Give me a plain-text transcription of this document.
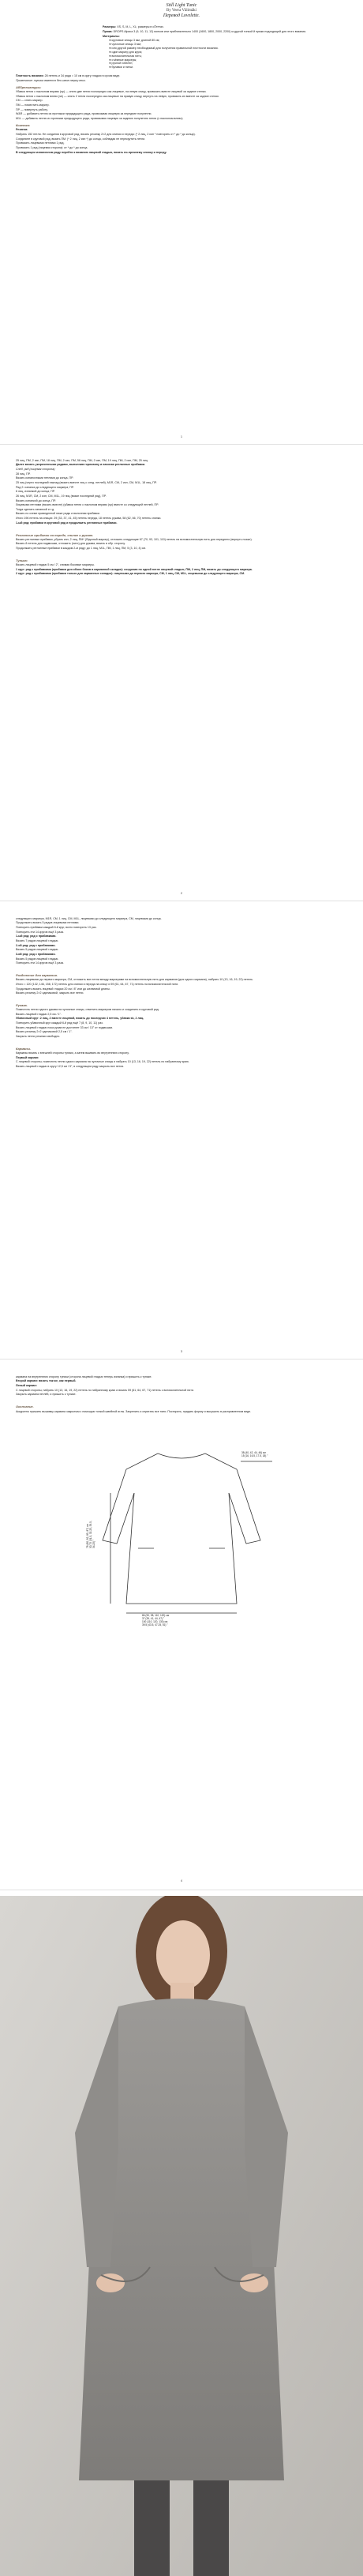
Still Light Tunic
By Veera Välimäki
Перевод Lovelette.
Размеры: XS, S, M, L, XL; размеры в сŌтетах.
Пряжа: DROPS Alpaca 3 (9, 10, 11, 12) мотков или приблизительно 1400 (1600, 1800, 2000, 2200) м другой тонкой й пряжи подходящей для этого вязания.
Материалы:
❖ круговые спицы 3 мм, длиной 80 см;
❖ чулочные спицы 3 мм;
❖ или другой размер необходимый для получения правильной плотности вязания.
❖ один маркер для круга;
❖ вспомогательная нить;
❖ съёмные маркеры;
❖ ручной гобелен;
❖ булавки и нитки.
Плотность вязания: 28 петель и 34 ряда = 10 см в кругу гладью в сухом виде.
Примечание: туника вяжется без швов сверху вниз.
Аббревиатуры:
Убавка петли с наклоном вправо (sp) — снять две петли поочередно как лицевые, на левую спицу, провязать вместе лицевой за задние стенки.
Убавка петли с наклоном влево (sk) — снять 2 петли поочередно как лицевые на правую спицу, вернуть на левую, провязать их вместе за задние стенки.
CM — снять маркер.
ПМ — поместить маркер.
ПР — повернуть работу.
W&R — добавить петлю из протяжки предыдущего ряда, провязывая лицевую за передние полупетли.
M1L — добавить петлю из протяжки предыдущего ряда, провязывая лицевую за заднюю полупетлю петли (с наклоном влево).
Кокетка:
Резинка:
Набрать 152 петли. Не соединяя в круговой ряд, вязать резинку 2×2 для спинки и переда: (* 2 лиц, 2 изн * повторить от * до * до конца).
Соедините в круговой ряд, вязать ПМ: (* 2 лиц, 2 изн *) до конца, соблюдая не перекрутить петли.
Провязать лицевыми петлями 1 ряд.
Провязать 1 ряд (лицевая сторона): от * до * до конца.
В следующем изнаночном ряду перейти к вязанию лицевой гладью, вязать по-прежнему спинку и переду.
1
25 лиц, ПМ, 2 изн, ПМ, 18 лиц, ПМ, 2 изн, ПМ, 58 лиц, ПМ, 2 изн, ПМ, 19 лиц, ПМ, 2 изн, ПМ, 25 лиц.
Далее вязать укороченными рядами, выполнив горловину и начиная регланные прибавки.
След. ряд (лицевая сторона):
28 лиц, ПР.
Вязать изнаночными петлями до конца, ПР.
25 лиц (через последний наклад (вязать вместе лиц с след. петлей), М1R, СМ, 2 изн, СМ, М1L, 18 лиц, ПР.
Ряд 2: изнанка до следующего маркера, ПР.
6 лиц, изнанкой до конца, ПР.
26 лиц, М1R, СМ, 2 изн, СМ, М1L, 19 лиц (вязан последний ряд), ПР.
Вязать изнанкой до конца, ПР.
Лицевыми петлями (вязать вместе) (убавки петли с наклоном вправо (sp) вместе со следующей петлей, ПР.
Тогда сделать изнанкой и т.д.
Вязать по схеме приведенной ниже ряды и выполняя прибавки.
Итого 196 петель на спицах: 29 (33, 37, 41, 45) петель переда, 18 петель рукава, 58 (62, 66, 70) петель спинки.
1-ый ряд: прибавки в круговой ряд и продолжить регланные прибавки.
Регланные прибавки на переде, спинке и рукаве.
Вязать регланные прибавки, убрать изн, 2 лиц, ПМ* (Ярусный маркер), отложить следующие 67 (70, 93, 101, 110) петель на вспомогательную нить для переднего (вернуть позже).
Вязать 8 петель для подмышки, отложить (нить) для рукава, вязать в обр. сторону.
Продолжать регланные прибавки в каждом 2-м ряду: до 1 лиц, М1L, ПМ, 1 лиц, ПМ, 5 (3, 10, 4) см.
Туника:
Вязать лицевой гладью 5 см / 2", снимая боковые маркеры.
1 круг: ряд с прибавками (прибавки для обоих боков в карманной складке): соединив по одной петле лицевой гладью, ПМ, 2 лиц, ПМ, вязать до следующего маркера.
2 круг: ряд с прибавками (прибавки только для карманных складок): лицевыми до первого маркера, СМ, 1 лиц, СМ, М1L, лицевыми до следующего маркера, СМ.
2
следующего маркера, М1R, СМ, 1 лиц, СМ, М1L, лицевыми до следующего маркера, СМ, лицевыми до конца.
Продолжить вязать 5 рядов лицевыми петлями.
Повторить прибавки каждый 6-й круг, всего повторить 13 раз.
Повторить эти 14 кругов ещё 3 раза.
1-ый ряд: ряд с прибавками.
Вязать 7 рядов лицевой гладью.
2-ой ряд: ряд с прибавками.
Вязать 5 рядов лицевой гладью.
3-ий ряд: ряд с прибавками.
Вязать 5 рядов лицевой гладью.
Повторить эти 14 кругов ещё 3 раза.
Разделение для карманов.
Вязать лицевыми до первого маркера, СМ, отложить все петли между маркерами на вспомогательную нить для карманов (для одного кармана), набрать 10 (13, 16, 19, 22) петель.
Итого = 120 (132, 146, 158, 172) петель для спинки и переда на спице и 59 (61, 64, 67, 71) петель на вспомогательной нити.
Продолжить вязать лицевой гладью 20 см / 8" или до желаемой длины.
Вязать резинку 2×2 одинаковой, закрыть все петли.
Рукава.
Поместить петли одного рукава на чулочные спицы, отметить маркером начало и соединить в круговой ряд.
Вязать лицевой гладью 2,5 см / 1".
Убавочный круг: 2 лиц, 2 вместе лицевой, вязать до последних 4 петель, убавка sk, 2 лиц.
Повторить убавочный круг каждый 6-й ряд ещё 7 (8, 9, 10, 11) раз.
Вязать лицевой гладью пока рукав не достигнет 33 см / 13" от подмышки.
Вязать резинку 2×2 одинаковой 2,5 см / 1".
Закрыть петли резинки свободно.
Карманы.
Карманы вязать с внешней стороны туники, а затем вшивать во внутреннюю сторону.
Первый карман:
С лицевой стороны, поместить петли одного кармана на чулочные спицы и набрать 10 (13, 16, 19, 22) петель по набранному краю.
Вязать лицевой гладью в кругу 12,5 см / 5", в следующем ряду закрыть все петли.
3
кармана на внутреннюю сторону туники (сторона лицевой гладью теперь изнанка) и пришить к тунике.
Второй карман: вязать так же, как первый.
Левый карман:
С лицевой стороны, набрать 10 (13, 16, 19, 22) петель по набранному краю и вязать 59 (61, 64, 67, 71) петель с вспомогательной нити.
Закрыть кармана петлёй, и пришить к тунике.
Окончание.
Аккуратно пришить вышивку кармана закрытым с помощью тонкой швейной иглы. Закрепить и спрятать все нити. Постирать, придать форму и высушить в расправленном виде.
38 (40, 42, 44, 46) см
15 (16, 16.5, 17.5, 18) "
78 (80, 82, 85, 87) см 30.75 (31.5, 32.25, 33.5, 34.25) "
86 (90, 98, 110, 120) см
37 (39, 41, 44, 47) "
100 (110, 120, 130) см
39.5 (43.5, 47.25, 51) "
4
